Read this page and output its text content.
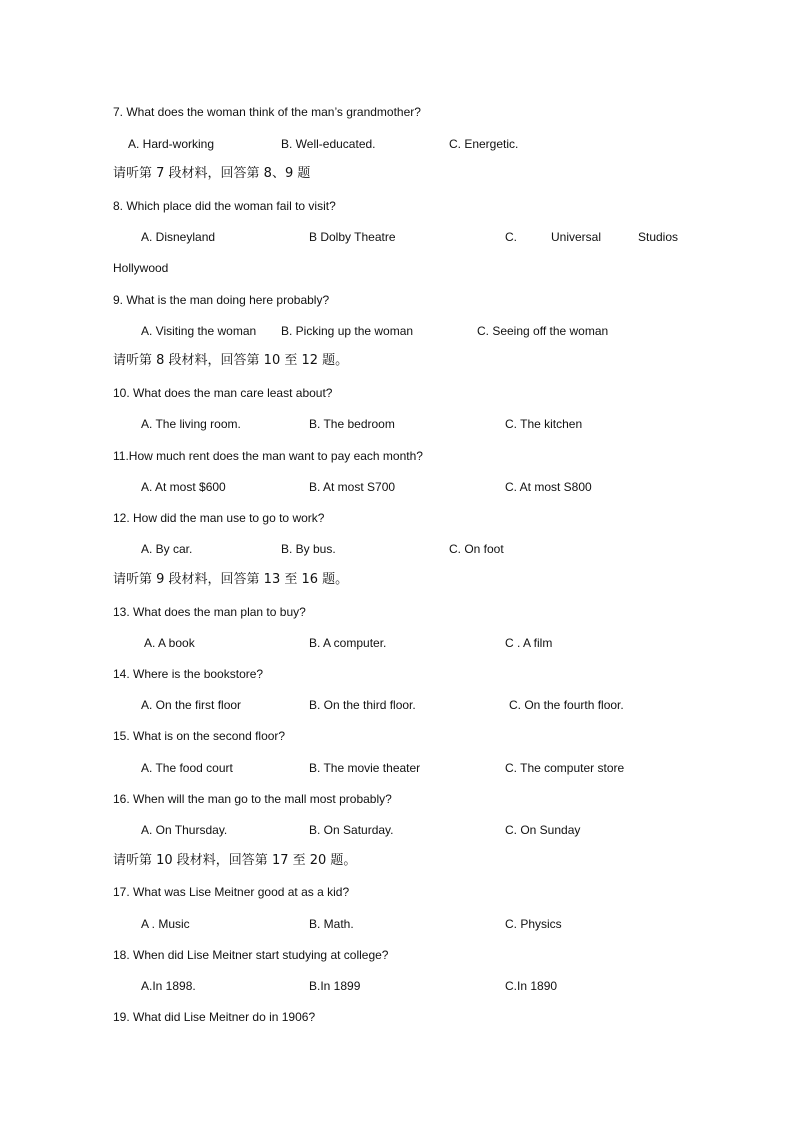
7. What does the woman think of the man’s grandmother?
A. Hard-working	B. Well-educated.	C. Energetic.
请听第 7 段材料，回答第 8、9 题
8. Which place did the woman fail to visit?
A. Disneyland	B Dolby Theatre	C.	Universal	Studios
Hollywood
9. What is the man doing here probably?
A. Visiting the woman B. Picking up the woman	C. Seeing off the woman
请听第 8 段材料，回答第 10 至 12 题。
10. What does the man care least about?
A. The living room.	B. The bedroom	C. The kitchen
11.How much rent does the man want to pay each month?
A. At most $600	B. At most S700	C. At most S800
12. How did the man use to go to work?
A. By car.	B. By bus.	C. On foot
请听第 9 段材料，回答第 13 至 16 题。
13. What does the man plan to buy?
A. A book	B. A computer.	C . A film
14. Where is the bookstore?
A. On the first floor	B. On the third floor.	C. On the fourth floor.
15. What is on the second floor?
A. The food court	B. The movie theater	C. The computer store
16. When will the man go to the mall most probably?
A. On Thursday.	B. On Saturday.	C. On Sunday
请听第 10 段材料，回答第 17 至 20 题。
17. What was Lise Meitner good at as a kid?
A . Music	B. Math.	C. Physics
18. When did Lise Meitner start studying at college?
A.In 1898.	B.In 1899	C.In 1890
19. What did Lise Meitner do in 1906?
